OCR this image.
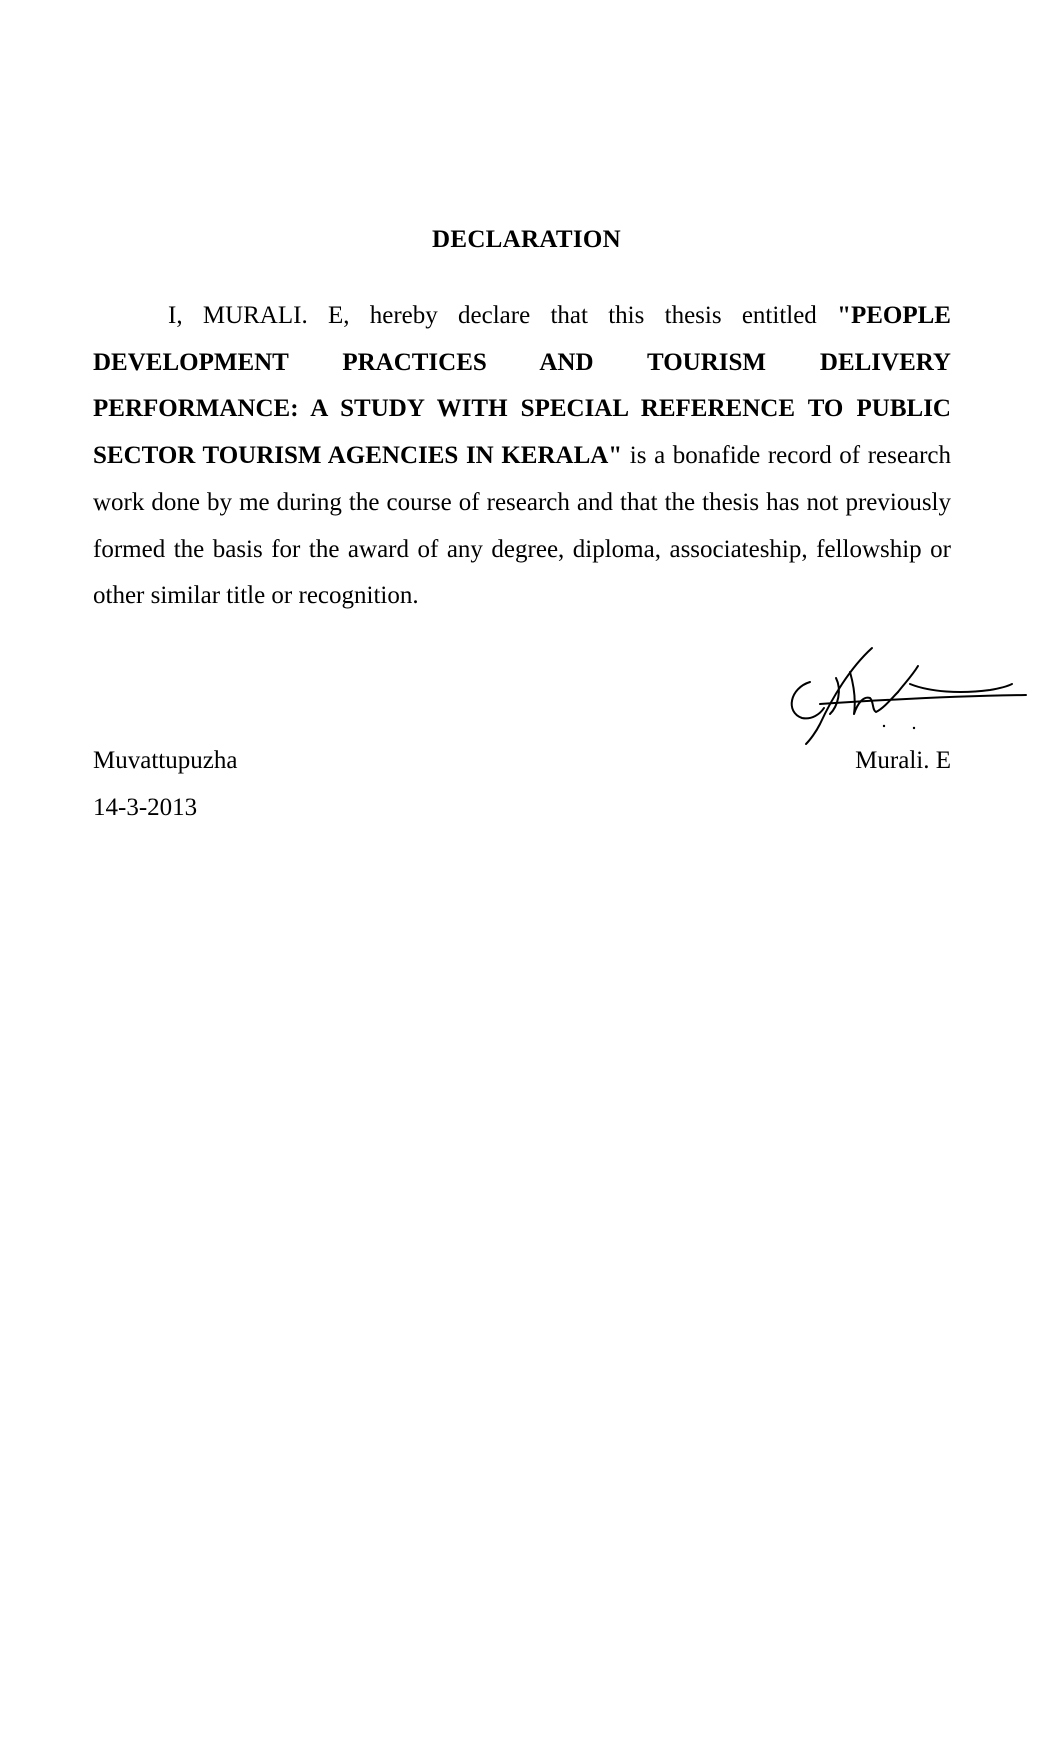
DECLARATION

I, MURALI. E, hereby declare that this thesis entitled "PEOPLE DEVELOPMENT PRACTICES AND TOURISM DELIVERY PERFORMANCE: A STUDY WITH SPECIAL REFERENCE TO PUBLIC SECTOR TOURISM AGENCIES IN KERALA" is a bonafide record of research work done by me during the course of research and that the thesis has not previously formed the basis for the award of any degree, diploma, associateship, fellowship or other similar title or recognition.

Muvattupuzha
14-3-2013
Murali. E
